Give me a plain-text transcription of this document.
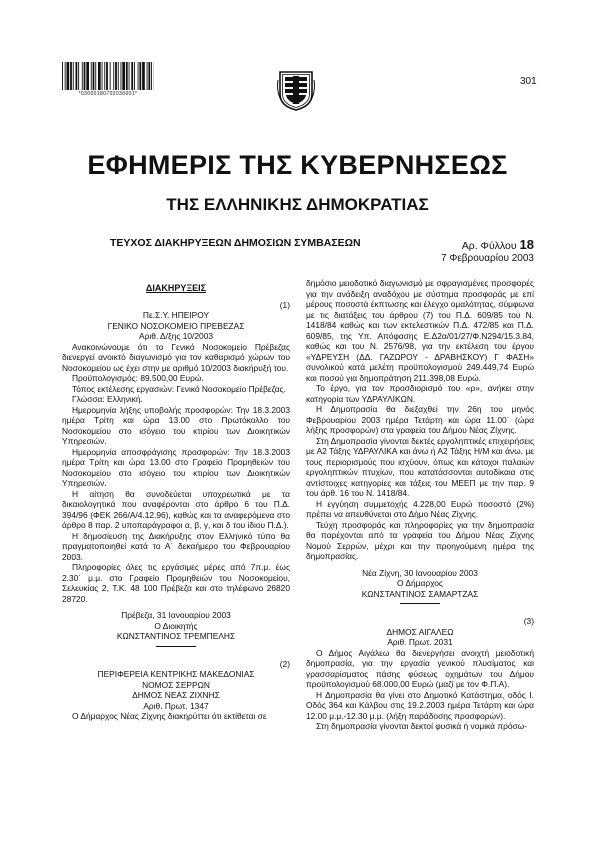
*03000180702030001*
301
ΕΦΗΜΕΡΙΣ ΤΗΣ ΚΥΒΕΡΝΗΣΕΩΣ
ΤΗΣ ΕΛΛΗΝΙΚΗΣ ΔΗΜΟΚΡΑΤΙΑΣ
ΤΕΥΧΟΣ ΔΙΑΚΗΡΥΞΕΩΝ ΔΗΜΟΣΙΩΝ ΣΥΜΒΑΣΕΩΝ	Αρ. Φύλλου 18
7 Φεβρουαρίου 2003

ΔΙΑΚΗΡΥΞΕΙΣ

(1)

Πε.Σ.Υ. ΗΠΕΙΡΟΥ

ΓΕΝΙΚΟ ΝΟΣΟΚΟΜΕΙΟ ΠΡΕΒΕΖΑΣ

Αριθ. Δ/ξης 10/2003

Ανακοινώνουμε ότι το Γενικό Νοσοκομείο Πρέβεζας διενεργεί ανοικτό διαγωνισμό για τον καθαρισμό χώρων του Νοσοκομείου ως έχει στην με αριθμό 10/2003 διακήρυξή του.

Προϋπολογισμός: 89.500,00 Ευρώ.

Τόπος εκτέλεσης εργασιών: Γενικό Νοσοκομείο Πρέβεζας.

Γλώσσα: Ελληνική.

Ημερομηνία λήξης υποβολής προσφορών: Την 18.3.2003 ημέρα Τρίτη και ώρα 13.00 στο Πρωτόκολλο του Νοσοκομείου στο ισόγειο του κτιρίου των Διοικητικών Υπηρεσιών.

Ημερομηνία αποσφράγισης προσφορών: Την 18.3.2003 ημέρα Τρίτη και ώρα 13.00 στο Γραφείο Προμηθειών του Νοσοκομείου στο ισόγειο του κτιρίου των Διοικητικών Υπηρεσιών.

Η αίτηση θα συνοδεύεται υποχρεωτικά με τα δικαιολογητικά που αναφέρονται στο άρθρο 6 του Π.Δ. 394/96 (ΦΕΚ 266/Α/4.12.96), καθώς και τα αναφερόμενα στο άρθρο 8 παρ. 2 υποπαράγραφοι α, β, γ, και δ του ίδιου Π.Δ.).

Η δημοσίευση της Διακήρυξης στον Ελληνικό τύπο θα πραγματοποιηθεί κατά το Α΄ δεκαήμερο του Φεβρουαρίου 2003.

Πληροφορίες όλες τις εργάσιμες μέρες από 7π.μ. έως 2.30΄ μ.μ. στο Γραφείο Προμηθειών του Νοσοκομείου, Σελευκίας 2, Τ.Κ. 48 100 Πρέβεζα και στο τηλέφωνο 26820 28720.

Πρέβεζα, 31 Ιανουαρίου 2003

Ο Διοικητής

ΚΩΝΣΤΑΝΤΙΝΟΣ ΤΡΕΜΠΕΛΗΣ

(2)

ΠΕΡΙΦΕΡΕΙΑ ΚΕΝΤΡΙΚΗΣ ΜΑΚΕΔΟΝΙΑΣ

ΝΟΜΟΣ ΣΕΡΡΩΝ

ΔΗΜΟΣ ΝΕΑΣ ΖΙΧΝΗΣ

Αριθ. Πρωτ. 1347

Ο Δήμαρχος Νέας Ζίχνης διακηρύττει ότι εκτίθεται σε

δημόσιο μειοδοτικό διαγωνισμό με σφραγισμένες προσφορές για την ανάδειξη αναδόχου με σύστημα προσφοράς με επί μέρους ποσοστά έκπτωσης και έλεγχο ομαλότητας, σύμφωνα με τις διατάξεις του άρθρου (7) του Π.Δ. 609/85 του Ν. 1418/84 καθώς και των εκτελεστικών Π.Δ. 472/85 και Π.Δ. 609/85, της Υπ. Απόφασης Ε.Δ2α/01/27/Φ.Ν294/15.3.84, καθώς και του Ν. 2576/98, για την εκτέλεση του έργου «ΥΔΡΕΥΣΗ (ΔΔ. ΓΑΖΩΡΟΥ - ΔΡΑΒΗΣΚΟΥ) Γ ΦΑΣΗ» συνολικού κατά μελέτη προϋπολογισμού 249.449,74 Ευρώ και ποσού για δημοπράτηση 211.398,08 Ευρώ.

Το έργο, για τον προσδιορισμό του «ρ», ανήκει στην κατηγορία των ΥΔΡΑΥΛΙΚΩΝ.

Η Δημοπρασία θα διεξαχθεί την 26η του μηνός Φεβρουαρίου 2003 ημέρα Τετάρτη και ώρα 11.00΄ (ώρα λήξης προσφορών) στα γραφεία του Δήμου Νέας Ζίχνης.

Στη Δημοπρασία γίνονται δεκτές εργοληπτικές επιχειρήσεις με Α2 Τάξης ΥΔΡΑΥΛΙΚΑ και άνω ή Α2 Τάξης Η/Μ και άνω, με τους περιορισμούς που ισχύουν, όπως και κάτοχοι παλαιών εργοληπτικών πτυχίων, που κατατάσσονται αυτοδίκαια στις αντίστοιχες κατηγορίες και τάξεις του ΜΕΕΠ με την παρ. 9 του άρθ. 16 του Ν. 1418/84.

Η εγγύηση συμμετοχής 4.228,00 Ευρώ ποσοστό (2%) πρέπει να απευθύνεται στο Δήμο Νέας Ζίχνης.

Τεύχη προσφοράς και πληροφορίες για την δημοπρασία θα παρέχονται από τα γραφεία του Δήμου Νέας Ζίχνης Νομού Σερρών, μέχρι και την προηγούμενη ημέρα της δημοπρασίας.

Νέα Ζίχνη, 30 Ιανουαρίου 2003

Ο Δήμαρχος

ΚΩΝΣΤΑΝΤΙΝΟΣ ΣΑΜΑΡΤΖΑΣ

(3)

ΔΗΜΟΣ ΑΙΓΑΛΕΩ

Αριθ. Πρωτ. 2031

Ο Δήμος Αιγάλεω θα διενεργήσει ανοιχτή μειοδοτική δημοπρασία, για την εργασία γενικού πλυσίματος και γρασσαρίσματος πάσης φύσεως οχημάτων του Δήμου προϋπολογισμού 68.000,00 Ευρώ (μαζί με τον Φ.Π.Α).

Η Δημοπρασία θα γίνει στο Δημοτικό Κατάστημα, οδός Ι. Οδός 364 και Κάλβου στις 19.2.2003 ημέρα Τετάρτη και ώρα 12.00 μ.μ.-12.30 μ.μ. (λήξη παράδοσης προσφορών).

Στη δημοπρασία γίνονται δεκτοί φυσικά ή νομικά πρόσω-
